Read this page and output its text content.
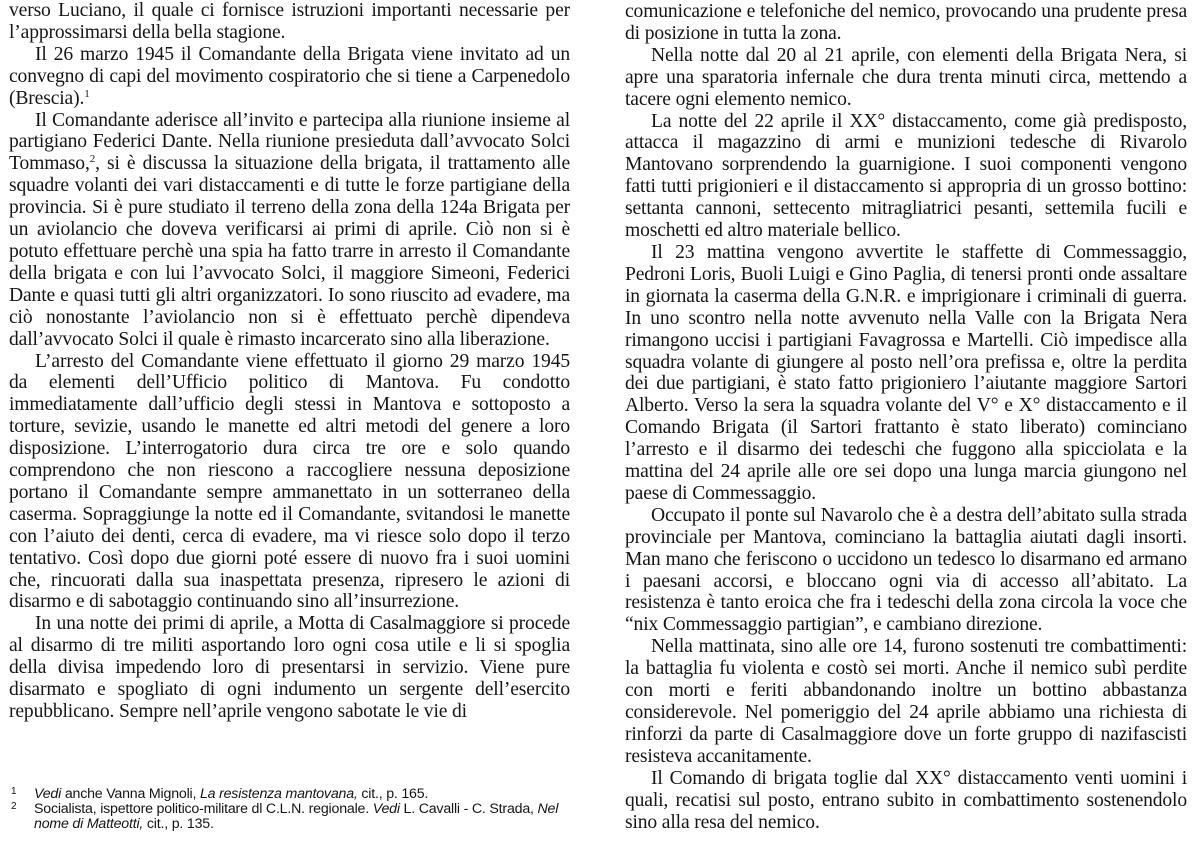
verso Luciano, il quale ci fornisce istruzioni importanti necessarie per l’approssimarsi della bella stagione.

Il 26 marzo 1945 il Comandante della Brigata viene invitato ad un convegno di capi del movimento cospiratorio che si tiene a Carpenedolo (Brescia).$^1$

Il Comandante aderisce all’invito e partecipa alla riunione insieme al partigiano Federici Dante. Nella riunione presieduta dall’avvocato Solci Tommaso,$^2$, si è discussa la situazione della brigata, il trattamento alle squadre volanti dei vari distaccamenti e di tutte le forze partigiane della provincia. Si è pure studiato il terreno della zona della 124a Brigata per un aviolancio che doveva verificarsi ai primi di aprile. Ciò non si è potuto effettuare perchè una spia ha fatto trarre in arresto il Comandante della brigata e con lui l’avvocato Solci, il maggiore Simeoni, Federici Dante e quasi tutti gli altri organizzatori. Io sono riuscito ad evadere, ma ciò nonostante l’aviolancio non si è effettuato perchè dipendeva dall’avvocato Solci il quale è rimasto incarcerato sino alla liberazione.

L’arresto del Comandante viene effettuato il giorno 29 marzo 1945 da elementi dell’Ufficio politico di Mantova. Fu condotto immediatamente dall’ufficio degli stessi in Mantova e sottoposto a torture, sevizie, usando le manette ed altri metodi del genere a loro disposizione. L’interrogatorio dura circa tre ore e solo quando comprendono che non riescono a raccogliere nessuna deposizione portano il Comandante sempre ammanettato in un sotterraneo della caserma. Sopraggiunge la notte ed il Comandante, svitandosi le manette con l’aiuto dei denti, cerca di evadere, ma vi riesce solo dopo il terzo tentativo. Così dopo due giorni poté essere di nuovo fra i suoi uomini che, rincuorati dalla sua inaspettata presenza, ripresero le azioni di disarmo e di sabotaggio continuando sino all’insurrezione.

In una notte dei primi di aprile, a Motta di Casalmaggiore si procede al disarmo di tre militi asportando loro ogni cosa utile e li si spoglia della divisa impedendo loro di presentarsi in servizio. Viene pure disarmato e spogliato di ogni indumento un sergente dell’esercito repubblicano. Sempre nell’aprile vengono sabotate le vie di

1 Vedi anche Vanna Mignoli, La resistenza mantovana, cit., p. 165.

2 Socialista, ispettore politico-militare dl C.L.N. regionale. Vedi L. Cavalli - C. Strada, Nel nome di Matteotti, cit., p. 135.

comunicazione e telefoniche del nemico, provocando una prudente presa di posizione in tutta la zona.

Nella notte dal 20 al 21 aprile, con elementi della Brigata Nera, si apre una sparatoria infernale che dura trenta minuti circa, mettendo a tacere ogni elemento nemico.

La notte del 22 aprile il XX° distaccamento, come già predisposto, attacca il magazzino di armi e munizioni tedesche di Rivarolo Mantovano sorprendendo la guarnigione. I suoi componenti vengono fatti tutti prigionieri e il distaccamento si appropria di un grosso bottino: settanta cannoni, settecento mitragliatrici pesanti, settemila fucili e moschetti ed altro materiale bellico.

Il 23 mattina vengono avvertite le staffette di Commessaggio, Pedroni Loris, Buoli Luigi e Gino Paglia, di tenersi pronti onde assaltare in giornata la caserma della G.N.R. e imprigionare i criminali di guerra. In uno scontro nella notte avvenuto nella Valle con la Brigata Nera rimangono uccisi i partigiani Favagrossa e Martelli. Ciò impedisce alla squadra volante di giungere al posto nell’ora prefissa e, oltre la perdita dei due partigiani, è stato fatto prigioniero l’aiutante maggiore Sartori Alberto. Verso la sera la squadra volante del V° e X° distaccamento e il Comando Brigata (il Sartori frattanto è stato liberato) cominciano l’arresto e il disarmo dei tedeschi che fuggono alla spicciolata e la mattina del 24 aprile alle ore sei dopo una lunga marcia giungono nel paese di Commessaggio.

Occupato il ponte sul Navarolo che è a destra dell’abitato sulla strada provinciale per Mantova, cominciano la battaglia aiutati dagli insorti. Man mano che feriscono o uccidono un tedesco lo disarmano ed armano i paesani accorsi, e bloccano ogni via di accesso all’abitato. La resistenza è tanto eroica che fra i tedeschi della zona circola la voce che “nix Commessaggio partigian”, e cambiano direzione.

Nella mattinata, sino alle ore 14, furono sostenuti tre combattimenti: la battaglia fu violenta e costò sei morti. Anche il nemico subì perdite con morti e feriti abbandonando inoltre un bottino abbastanza considerevole. Nel pomeriggio del 24 aprile abbiamo una richiesta di rinforzi da parte di Casalmaggiore dove un forte gruppo di nazifascisti resisteva accanitamente.

Il Comando di brigata toglie dal XX° distaccamento venti uomini i quali, recatisi sul posto, entrano subito in combattimento sostenendolo sino alla resa del nemico.
